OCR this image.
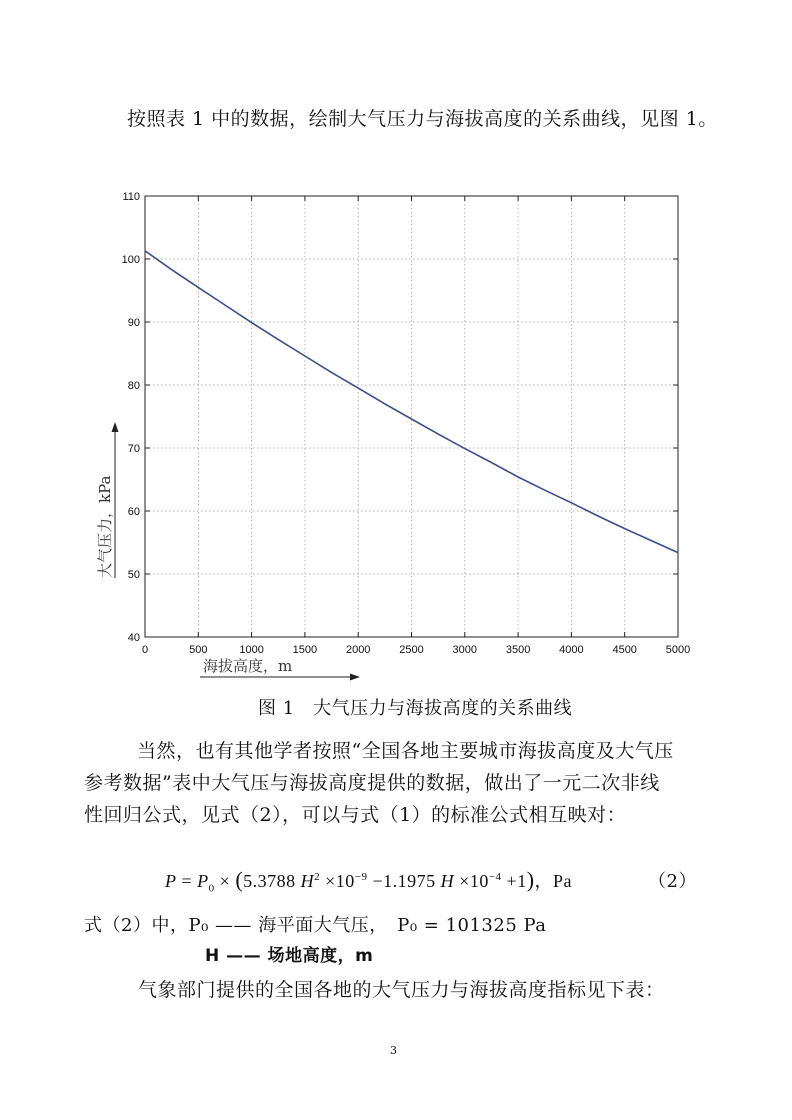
按照表 1 中的数据，绘制大气压力与海拔高度的关系曲线，见图 1。
0	500	1000	1500	2000	2500	3000	3500	4000	4500	5000
40
50
60
70
80
90
100
110
大气压力，kPa
海拔高度，m
图 1　大气压力与海拔高度的关系曲线
当然，也有其他学者按照“全国各地主要城市海拔高度及大气压
参考数据”表中大气压与海拔高度提供的数据，做出了一元二次非线
性回归公式，见式（2），可以与式（1）的标准公式相互映对：
$P = P_0 \times (5.3788$ $H^2 \times 10^{-9} -1.1975$ $H \times 10^{-4} +1$)，Pa	（2）
式（2）中，P₀ —— 海平面大气压，　P₀ = 101325 Pa
H —— 场地高度，m
气象部门提供的全国各地的大气压力与海拔高度指标见下表：
3
